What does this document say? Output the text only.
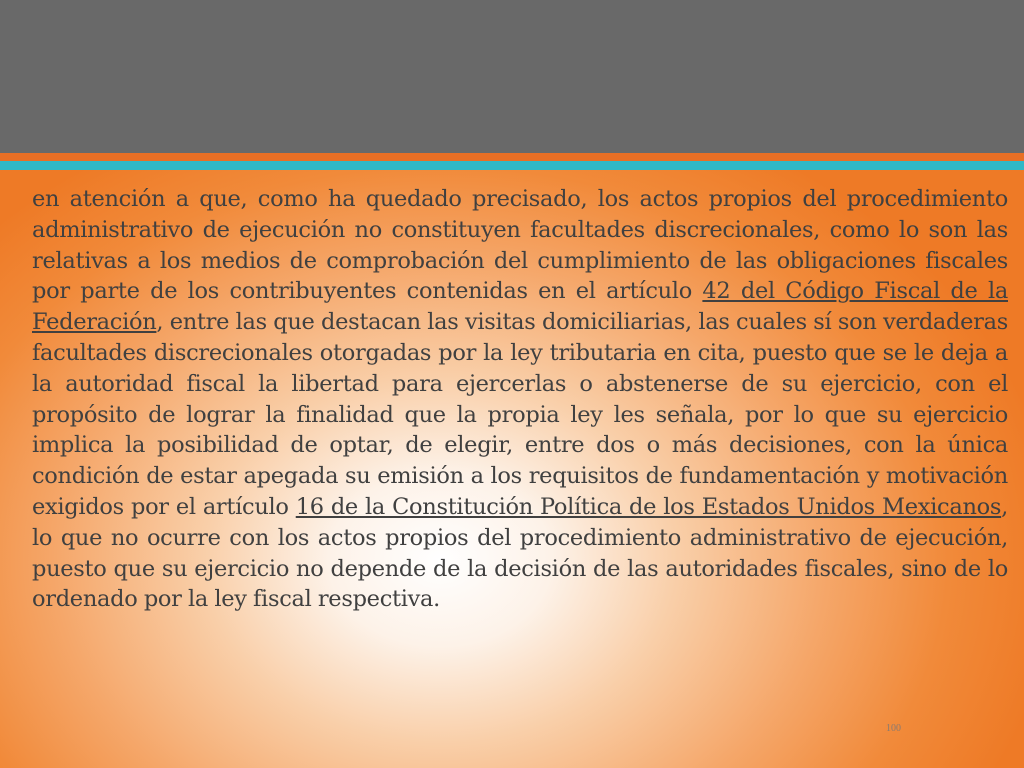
en atención a que, como ha quedado precisado, los actos propios del procedimiento administrativo de ejecución no constituyen facultades discrecionales, como lo son las relativas a los medios de comprobación del cumplimiento de las obligaciones fiscales por parte de los contribuyentes contenidas en el artículo 42 del Código Fiscal de la Federación, entre las que destacan las visitas domiciliarias, las cuales sí son verdaderas facultades discrecionales otorgadas por la ley tributaria en cita, puesto que se le deja a la autoridad fiscal la libertad para ejercerlas o abstenerse de su ejercicio, con el propósito de lograr la finalidad que la propia ley les señala, por lo que su ejercicio implica la posibilidad de optar, de elegir, entre dos o más decisiones, con la única condición de estar apegada su emisión a los requisitos de fundamentación y motivación exigidos por el artículo 16 de la Constitución Política de los Estados Unidos Mexicanos, lo que no ocurre con los actos propios del procedimiento administrativo de ejecución, puesto que su ejercicio no depende de la decisión de las autoridades fiscales, sino de lo ordenado por la ley fiscal respectiva.
100
